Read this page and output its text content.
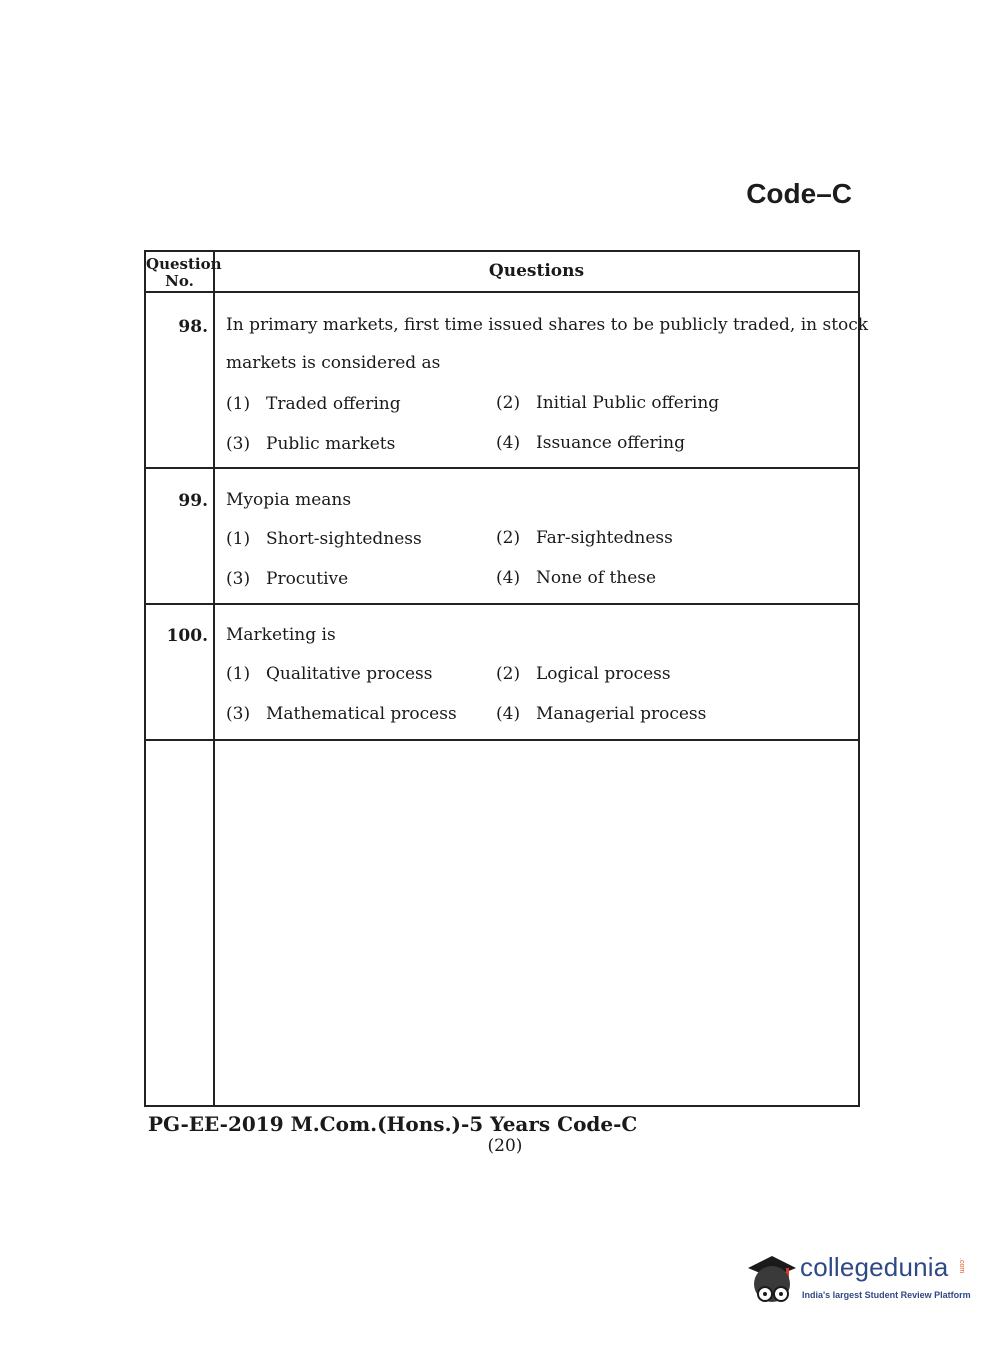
Code–C
Question
No.	Questions
98. In primary markets, first time issued shares to be publicly traded, in stock
markets is considered as
(1) Traded offering	(2) Initial Public offering
(3) Public markets	(4) Issuance offering
99. Myopia means
(1) Short-sightedness	(2) Far-sightedness
(3) Procutive	(4) None of these
100. Marketing is
(1) Qualitative process	(2) Logical process
(3) Mathematical process (4) Managerial process
PG-EE-2019 M.Com.(Hons.)-5 Years Code-C
(20)
collegedunia .com
India's largest Student Review Platform
